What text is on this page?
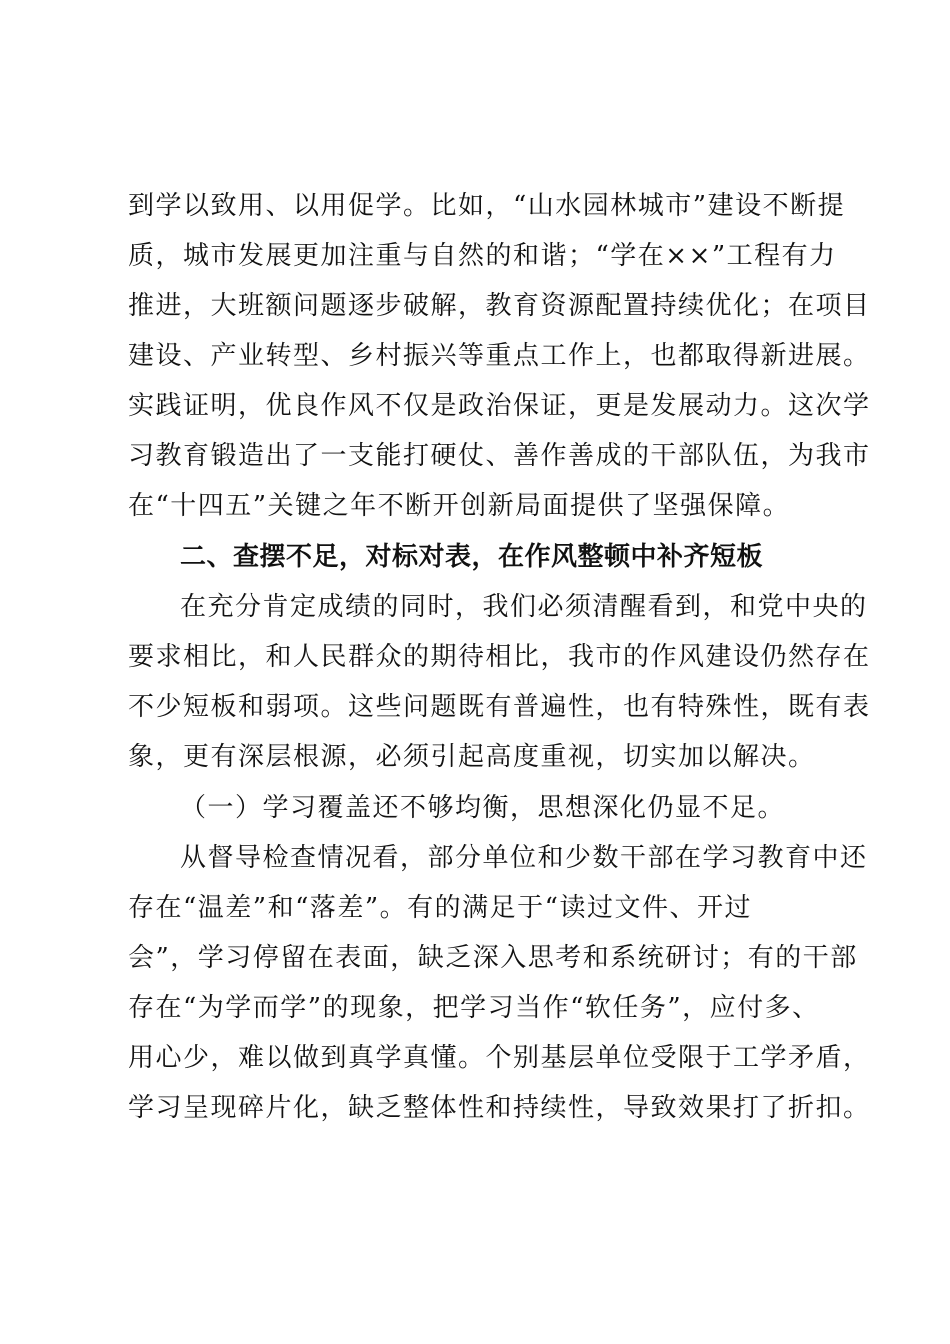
到学以致用、以用促学。比如，“山水园林城市”建设不断提
质，城市发展更加注重与自然的和谐；“学在××”工程有力
推进，大班额问题逐步破解，教育资源配置持续优化；在项目
建设、产业转型、乡村振兴等重点工作上，也都取得新进展。
实践证明，优良作风不仅是政治保证，更是发展动力。这次学
习教育锻造出了一支能打硬仗、善作善成的干部队伍，为我市
在“十四五”关键之年不断开创新局面提供了坚强保障。
二、查摆不足，对标对表，在作风整顿中补齐短板
在充分肯定成绩的同时，我们必须清醒看到，和党中央的
要求相比，和人民群众的期待相比，我市的作风建设仍然存在
不少短板和弱项。这些问题既有普遍性，也有特殊性，既有表
象，更有深层根源，必须引起高度重视，切实加以解决。
（一）学习覆盖还不够均衡，思想深化仍显不足。
从督导检查情况看，部分单位和少数干部在学习教育中还
存在“温差”和“落差”。有的满足于“读过文件、开过
会”，学习停留在表面，缺乏深入思考和系统研讨；有的干部
存在“为学而学”的现象，把学习当作“软任务”，应付多、
用心少，难以做到真学真懂。个别基层单位受限于工学矛盾，
学习呈现碎片化，缺乏整体性和持续性，导致效果打了折扣。
